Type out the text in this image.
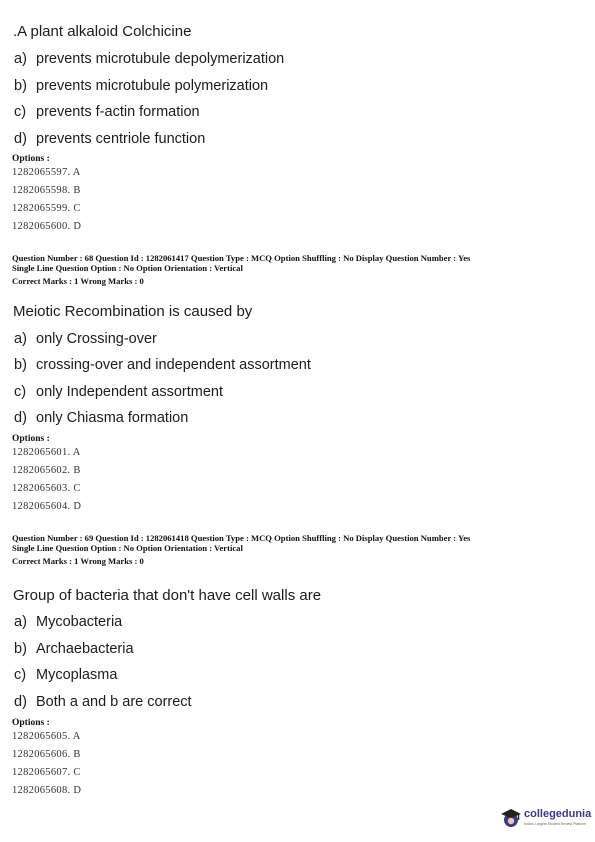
.A plant alkaloid Colchicine
a) prevents microtubule depolymerization
b) prevents microtubule polymerization
c) prevents f-actin formation
d) prevents centriole function
Options :
1282065597. A
1282065598. B
1282065599. C
1282065600. D
Question Number : 68 Question Id : 1282061417 Question Type : MCQ Option Shuffling : No Display Question Number : Yes
Single Line Question Option : No Option Orientation : Vertical
Correct Marks : 1 Wrong Marks : 0
Meiotic Recombination is caused by
a) only Crossing-over
b) crossing-over and independent assortment
c) only Independent assortment
d) only Chiasma formation
Options :
1282065601. A
1282065602. B
1282065603. C
1282065604. D
Question Number : 69 Question Id : 1282061418 Question Type : MCQ Option Shuffling : No Display Question Number : Yes
Single Line Question Option : No Option Orientation : Vertical
Correct Marks : 1 Wrong Marks : 0
Group of bacteria that don't have cell walls are
a) Mycobacteria
b) Archaebacteria
c) Mycoplasma
d) Both a and b are correct
Options :
1282065605. A
1282065606. B
1282065607. C
1282065608. D
collegedunia
India's Largest Student Review Platform
